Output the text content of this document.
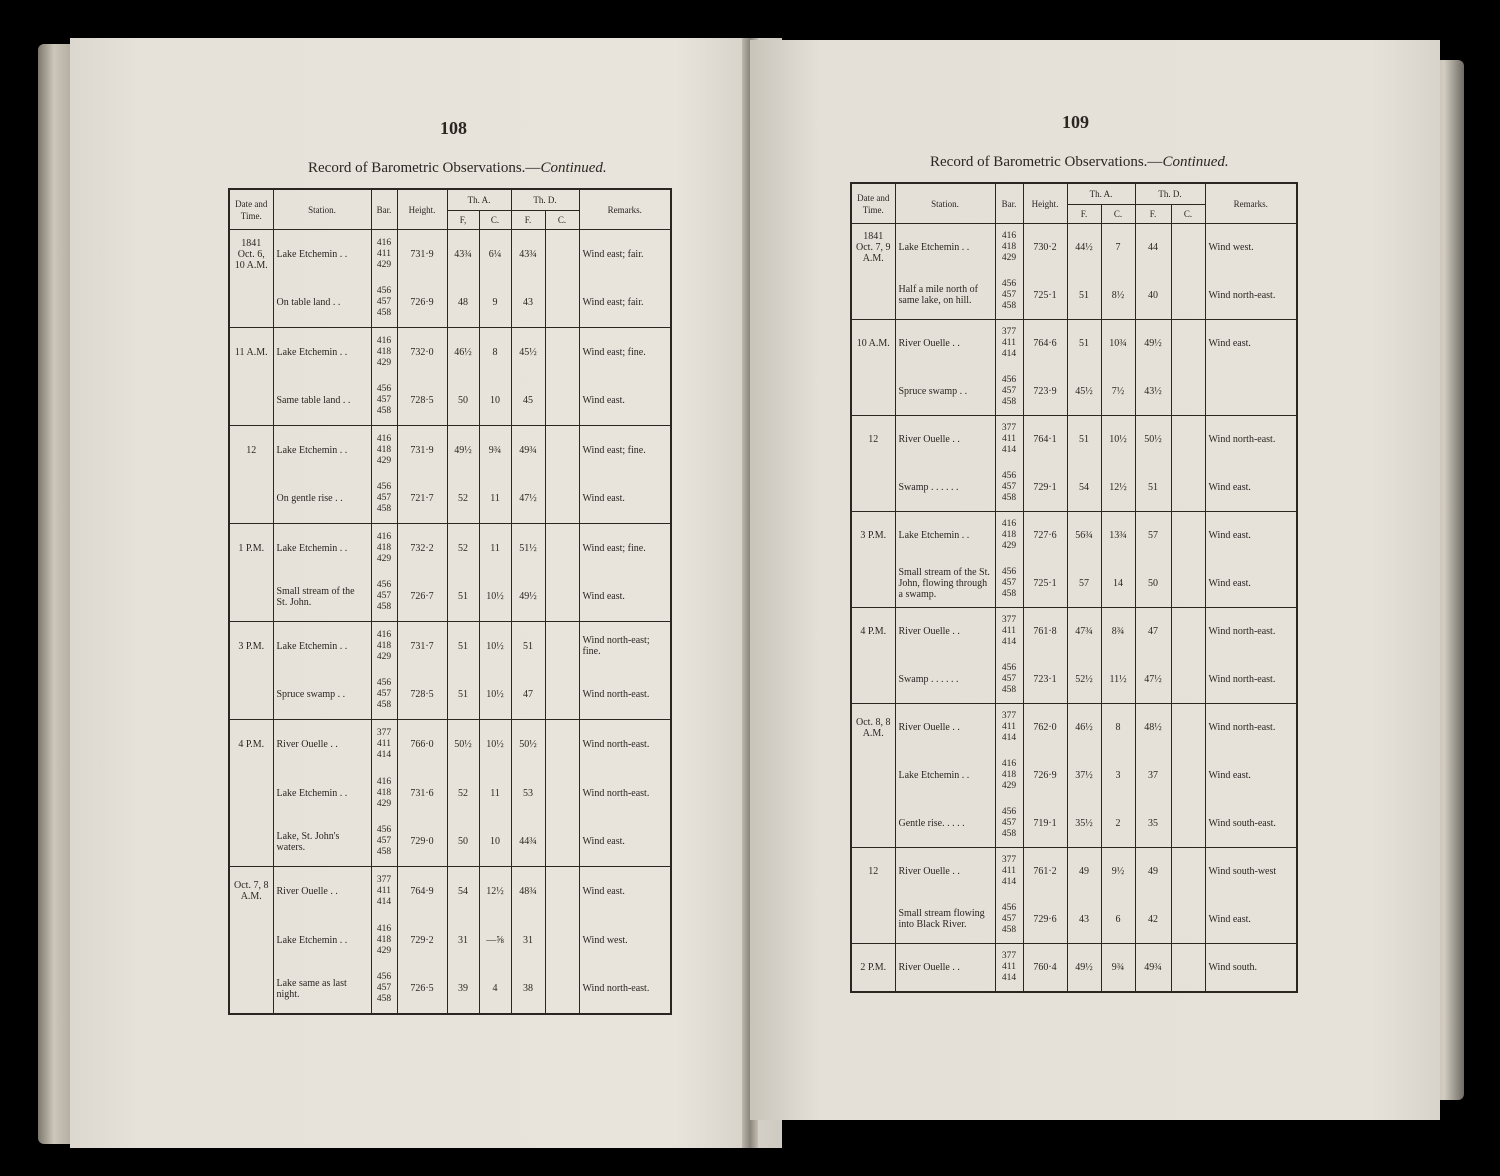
108
Record of Barometric Observations.—Continued.
Date and Time.	Station.	Bar.	Height.	Th. A.		Th. D.		Remarks.
				F,	C.	F.	C.	
1841 Oct. 6, 10 A.M.	Lake Etchemin . .	416
411
429	731·9	43¾	6¼	43¾		Wind east; fair.
	On table land . .	456
457
458	726·9	48	9	43		Wind east; fair.
11 A.M.	Lake Etchemin . .	416
418
429	732·0	46½	8	45½		Wind east; fine.
	Same table land . .	456
457
458	728·5	50	10	45		Wind east.
12	Lake Etchemin . .	416
418
429	731·9	49½	9¾	49¾		Wind east; fine.
	On gentle rise . .	456
457
458	721·7	52	11	47½		Wind east.
1 P.M.	Lake Etchemin . .	416
418
429	732·2	52	11	51½		Wind east; fine.
	Small stream of the St. John.	456
457
458	726·7	51	10½	49½		Wind east.
3 P.M.	Lake Etchemin . .	416
418
429	731·7	51	10½	51		Wind north-east; fine.
	Spruce swamp . .	456
457
458	728·5	51	10½	47		Wind north-east.
4 P.M.	River Ouelle . .	377
411
414	766·0	50½	10½	50½		Wind north-east.
	Lake Etchemin . .	416
418
429	731·6	52	11	53		Wind north-east.
	Lake, St. John's waters.	456
457
458	729·0	50	10	44¾		Wind east.
Oct. 7, 8 A.M.	River Ouelle . .	377
411
414	764·9	54	12½	48¾		Wind east.
	Lake Etchemin . .	416
418
429	729·2	31	—⅝	31		Wind west.
	Lake same as last night.	456
457
458	726·5	39	4	38		Wind north-east.
109
Record of Barometric Observations.—Continued.
Date and Time.	Station.	Bar.	Height.	Th. A.		Th. D.		Remarks.
				F.	C.	F.	C.	
1841 Oct. 7, 9 A.M.	Lake Etchemin . .	416
418
429	730·2	44½	7	44		Wind west.
	Half a mile north of same lake, on hill.	456
457
458	725·1	51	8½	40		Wind north-east.
10 A.M.	River Ouelle . .	377
411
414	764·6	51	10¾	49½		Wind east.
	Spruce swamp . .	456
457
458	723·9	45½	7½	43½		
12	River Ouelle . .	377
411
414	764·1	51	10½	50½		Wind north-east.
	Swamp . . . . . .	456
457
458	729·1	54	12½	51		Wind east.
3 P.M.	Lake Etchemin . .	416
418
429	727·6	56¾	13¾	57		Wind east.
	Small stream of the St. John, flowing through a swamp.	456
457
458	725·1	57	14	50		Wind east.
4 P.M.	River Ouelle . .	377
411
414	761·8	47¾	8¾	47		Wind north-east.
	Swamp . . . . . .	456
457
458	723·1	52½	11½	47½		Wind north-east.
Oct. 8, 8 A.M.	River Ouelle . .	377
411
414	762·0	46½	8	48½		Wind north-east.
	Lake Etchemin . .	416
418
429	726·9	37½	3	37		Wind east.
	Gentle rise. . . . .	456
457
458	719·1	35½	2	35		Wind south-east.
12	River Ouelle . .	377
411
414	761·2	49	9½	49		Wind south-west
	Small stream flowing into Black River.	456
457
458	729·6	43	6	42		Wind east.
2 P.M.	River Ouelle . .	377
411
414	760·4	49½	9¾	49¾		Wind south.
